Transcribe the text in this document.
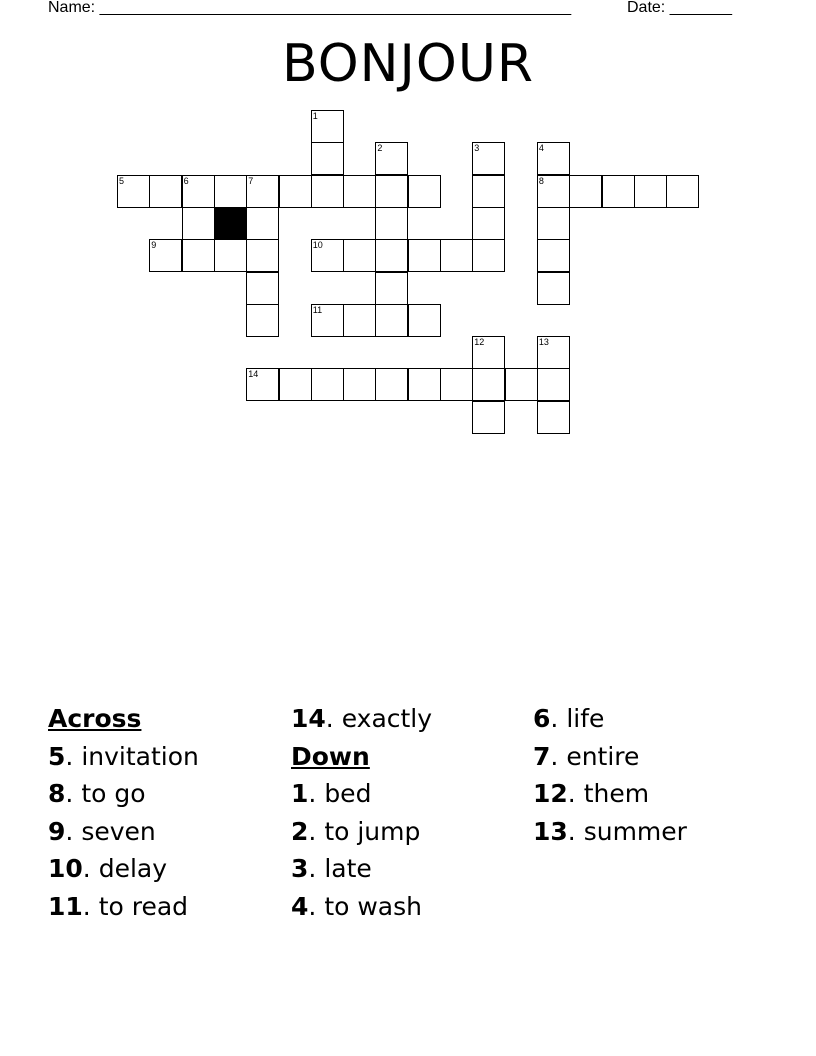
Name: _____________________________________________________	Date: _______
BONJOUR
1
2	3	4
5	6	7	8
9	10
11
12	13
14
Across
5. invitation
8. to go
9. seven
10. delay
11. to read
14. exactly
Down
1. bed
2. to jump
3. late
4. to wash
6. life
7. entire
12. them
13. summer
